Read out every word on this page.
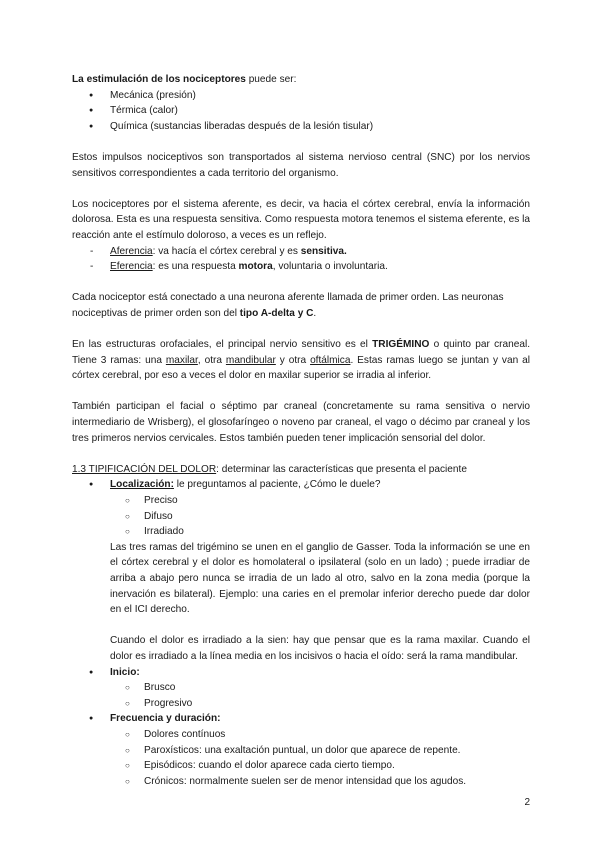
La estimulación de los nociceptores puede ser:

● Mecánica (presión)
● Térmica (calor)
● Química (sustancias liberadas después de la lesión tisular)

Estos impulsos nociceptivos son transportados al sistema nervioso central (SNC) por los nervios sensitivos correspondientes a cada territorio del organismo.

Los nociceptores por el sistema aferente, es decir, va hacia el córtex cerebral, envía la información dolorosa. Esta es una respuesta sensitiva. Como respuesta motora tenemos el sistema eferente, es la reacción ante el estímulo doloroso, a veces es un reflejo.

- Aferencia: va hacía el córtex cerebral y es sensitiva.
- Eferencia: es una respuesta motora, voluntaria o involuntaria.

Cada nociceptor está conectado a una neurona aferente llamada de primer orden. Las neuronas nociceptivas de primer orden son del tipo A-delta y C.

En las estructuras orofaciales, el principal nervio sensitivo es el TRIGÉMINO o quinto par craneal. Tiene 3 ramas: una maxilar, otra mandibular y otra oftálmica. Estas ramas luego se juntan y van al córtex cerebral, por eso a veces el dolor en maxilar superior se irradia al inferior.

También participan el facial o séptimo par craneal (concretamente su rama sensitiva o nervio intermediario de Wrisberg), el glosofaríngeo o noveno par craneal, el vago o décimo par craneal y los tres primeros nervios cervicales. Estos también pueden tener implicación sensorial del dolor.

1.3 TIPIFICACIÓN DEL DOLOR: determinar las características que presenta el paciente

● Localización: le preguntamos al paciente, ¿Cómo le duele?
○ Preciso
○ Difuso
○ Irradiado

Las tres ramas del trigémino se unen en el ganglio de Gasser. Toda la información se une en el córtex cerebral y el dolor es homolateral o ipsilateral (solo en un lado) ; puede irradiar de arriba a abajo pero nunca se irradia de un lado al otro, salvo en la zona media (porque la inervación es bilateral). Ejemplo: una caries en el premolar inferior derecho puede dar dolor en el ICI derecho.

Cuando el dolor es irradiado a la sien: hay que pensar que es la rama maxilar. Cuando el dolor es irradiado a la línea media en los incisivos o hacia el oído: será la rama mandibular.

● Inicio:
○ Brusco
○ Progresivo
● Frecuencia y duración:
○ Dolores contínuos
○ Paroxísticos: una exaltación puntual, un dolor que aparece de repente.
○ Episódicos: cuando el dolor aparece cada cierto tiempo.
○ Crónicos: normalmente suelen ser de menor intensidad que los agudos.
2
